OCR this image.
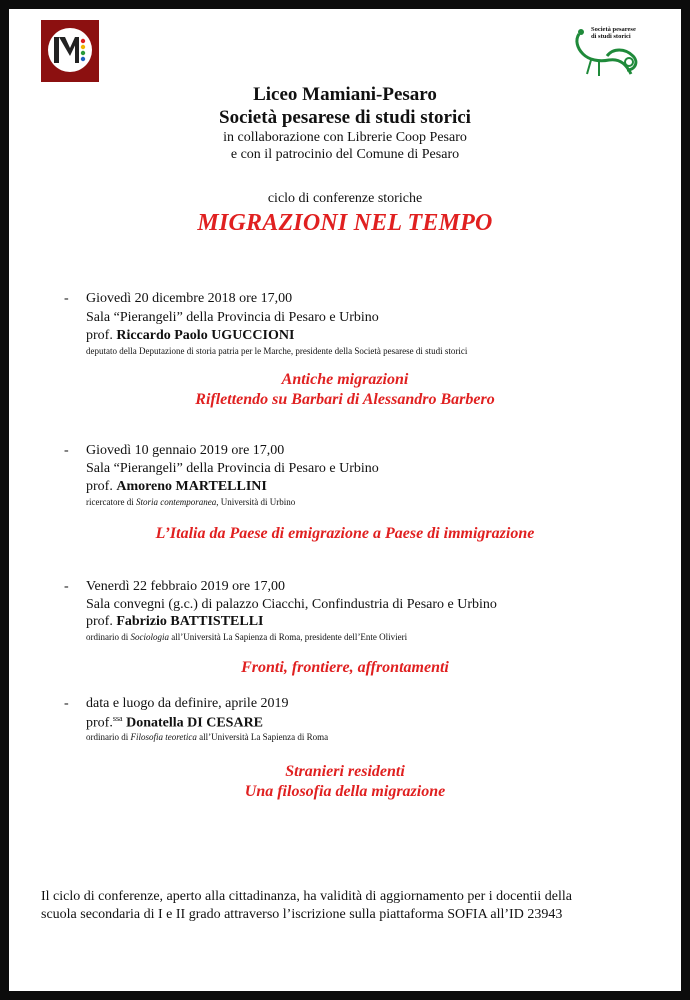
Società pesarese
di studi storici
Liceo Mamiani-Pesaro
Società pesarese di studi storici
in collaborazione con Librerie Coop Pesaro
e con il patrocinio del Comune di Pesaro
ciclo di conferenze storiche
MIGRAZIONI NEL TEMPO
- Giovedì 20 dicembre 2018 ore 17,00
Sala “Pierangeli” della Provincia di Pesaro e Urbino
prof. Riccardo Paolo UGUCCIONI
deputato della Deputazione di storia patria per le Marche, presidente della Società pesarese di studi storici
Antiche migrazioni
Riflettendo su Barbari di Alessandro Barbero
- Giovedì 10 gennaio 2019 ore 17,00
Sala “Pierangeli” della Provincia di Pesaro e Urbino
prof. Amoreno MARTELLINI
ricercatore di Storia contemporanea, Università di Urbino
L’Italia da Paese di emigrazione a Paese di immigrazione
- Venerdì 22 febbraio 2019 ore 17,00
Sala convegni (g.c.) di palazzo Ciacchi, Confindustria di Pesaro e Urbino
prof. Fabrizio BATTISTELLI
ordinario di Sociologia all’Università La Sapienza di Roma, presidente dell’Ente Olivieri
Fronti, frontiere, affrontamenti
- data e luogo da definire, aprile 2019
prof.$^{ssa}$ Donatella DI CESARE
ordinario di Filosofia teoretica all’Università La Sapienza di Roma
Stranieri residenti
Una filosofia della migrazione
Il ciclo di conferenze, aperto alla cittadinanza, ha validità di aggiornamento per i docentii della
scuola secondaria di I e II grado attraverso l’iscrizione sulla piattaforma SOFIA all’ID 23943
